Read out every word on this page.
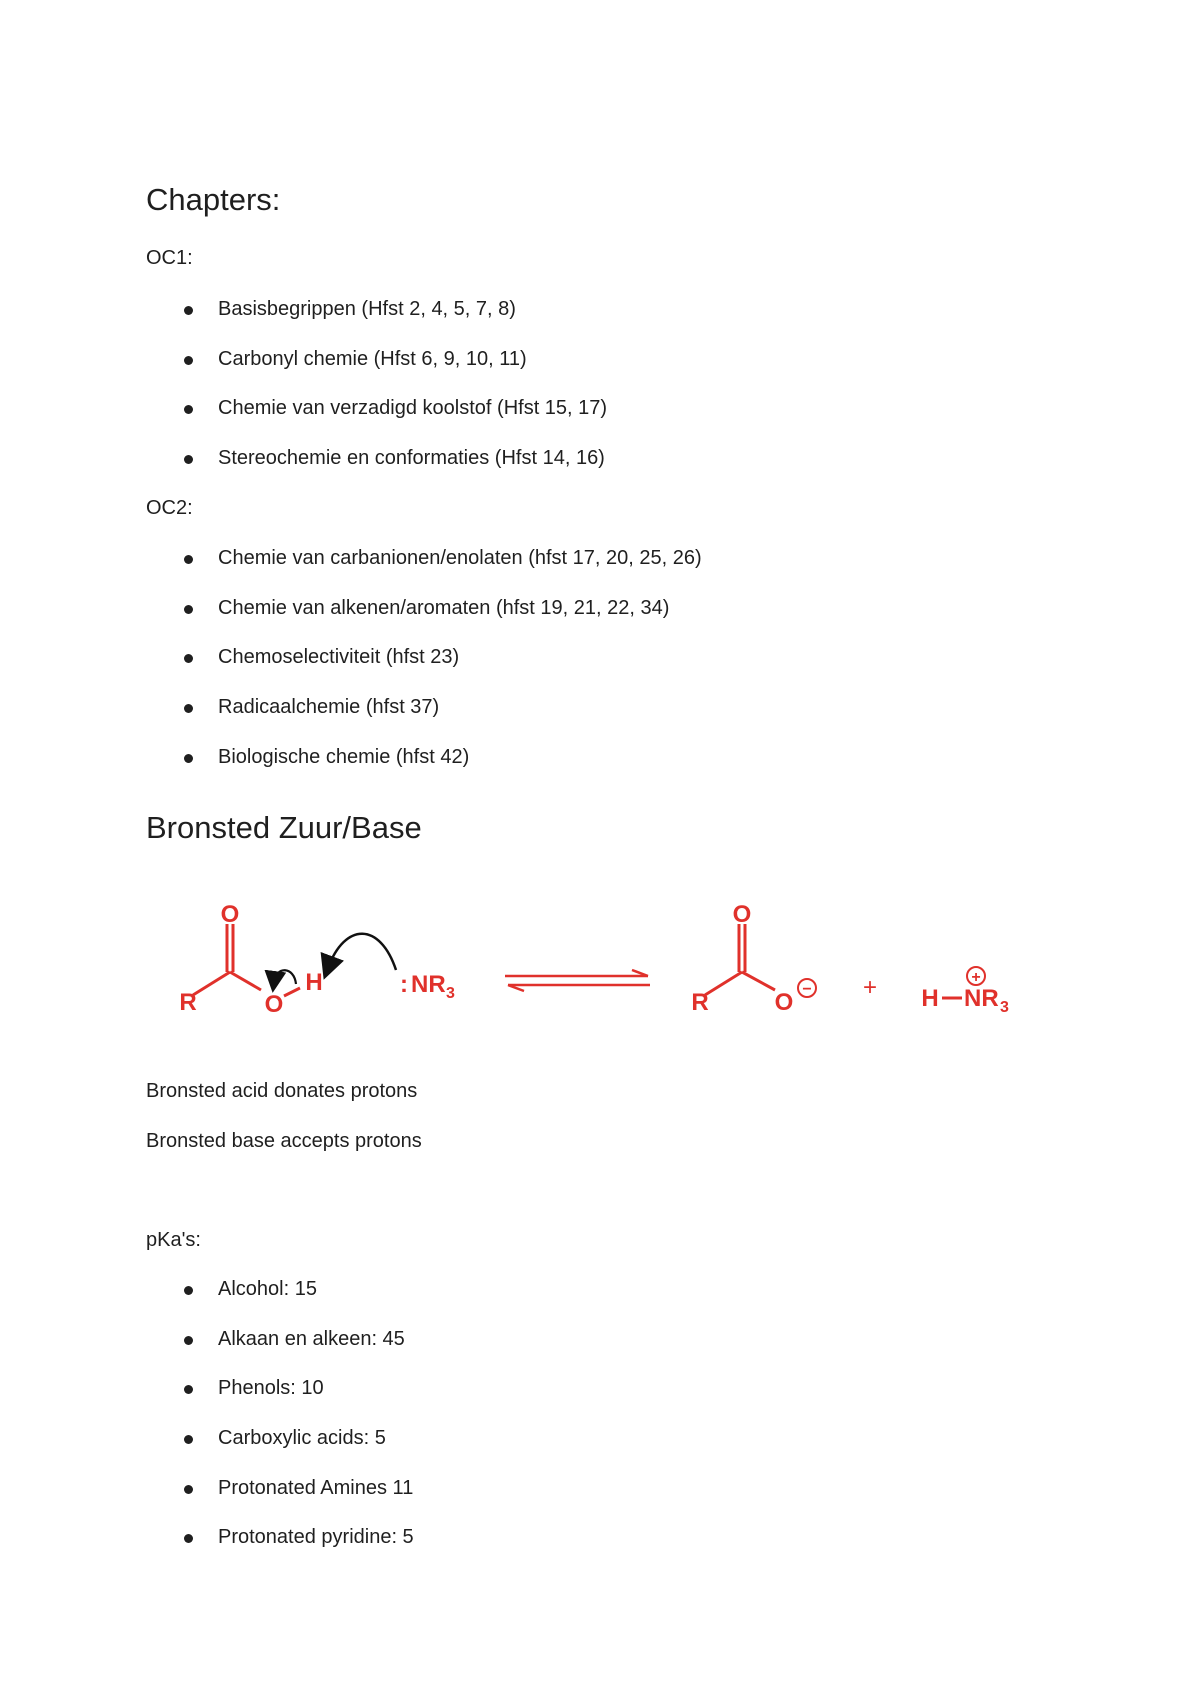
Chapters:

OC1:

Basisbegrippen (Hfst 2, 4, 5, 7, 8)
Carbonyl chemie (Hfst 6, 9, 10, 11)
Chemie van verzadigd koolstof (Hfst 15, 17)
Stereochemie en conformaties (Hfst 14, 16)

OC2:

Chemie van carbanionen/enolaten (hfst 17, 20, 25, 26)
Chemie van alkenen/aromaten (hfst 19, 21, 22, 34)
Chemoselectiviteit (hfst 23)
Radicaalchemie (hfst 37)
Biologische chemie (hfst 42)
Bronsted Zuur/Base
O
R	O
H	: NR 3
O
R	O − + H NR 3
+

Bronsted acid donates protons

Bronsted base accepts protons

pKa's:

Alcohol: 15
Alkaan en alkeen: 45
Phenols: 10
Carboxylic acids: 5
Protonated Amines 11
Protonated pyridine: 5
